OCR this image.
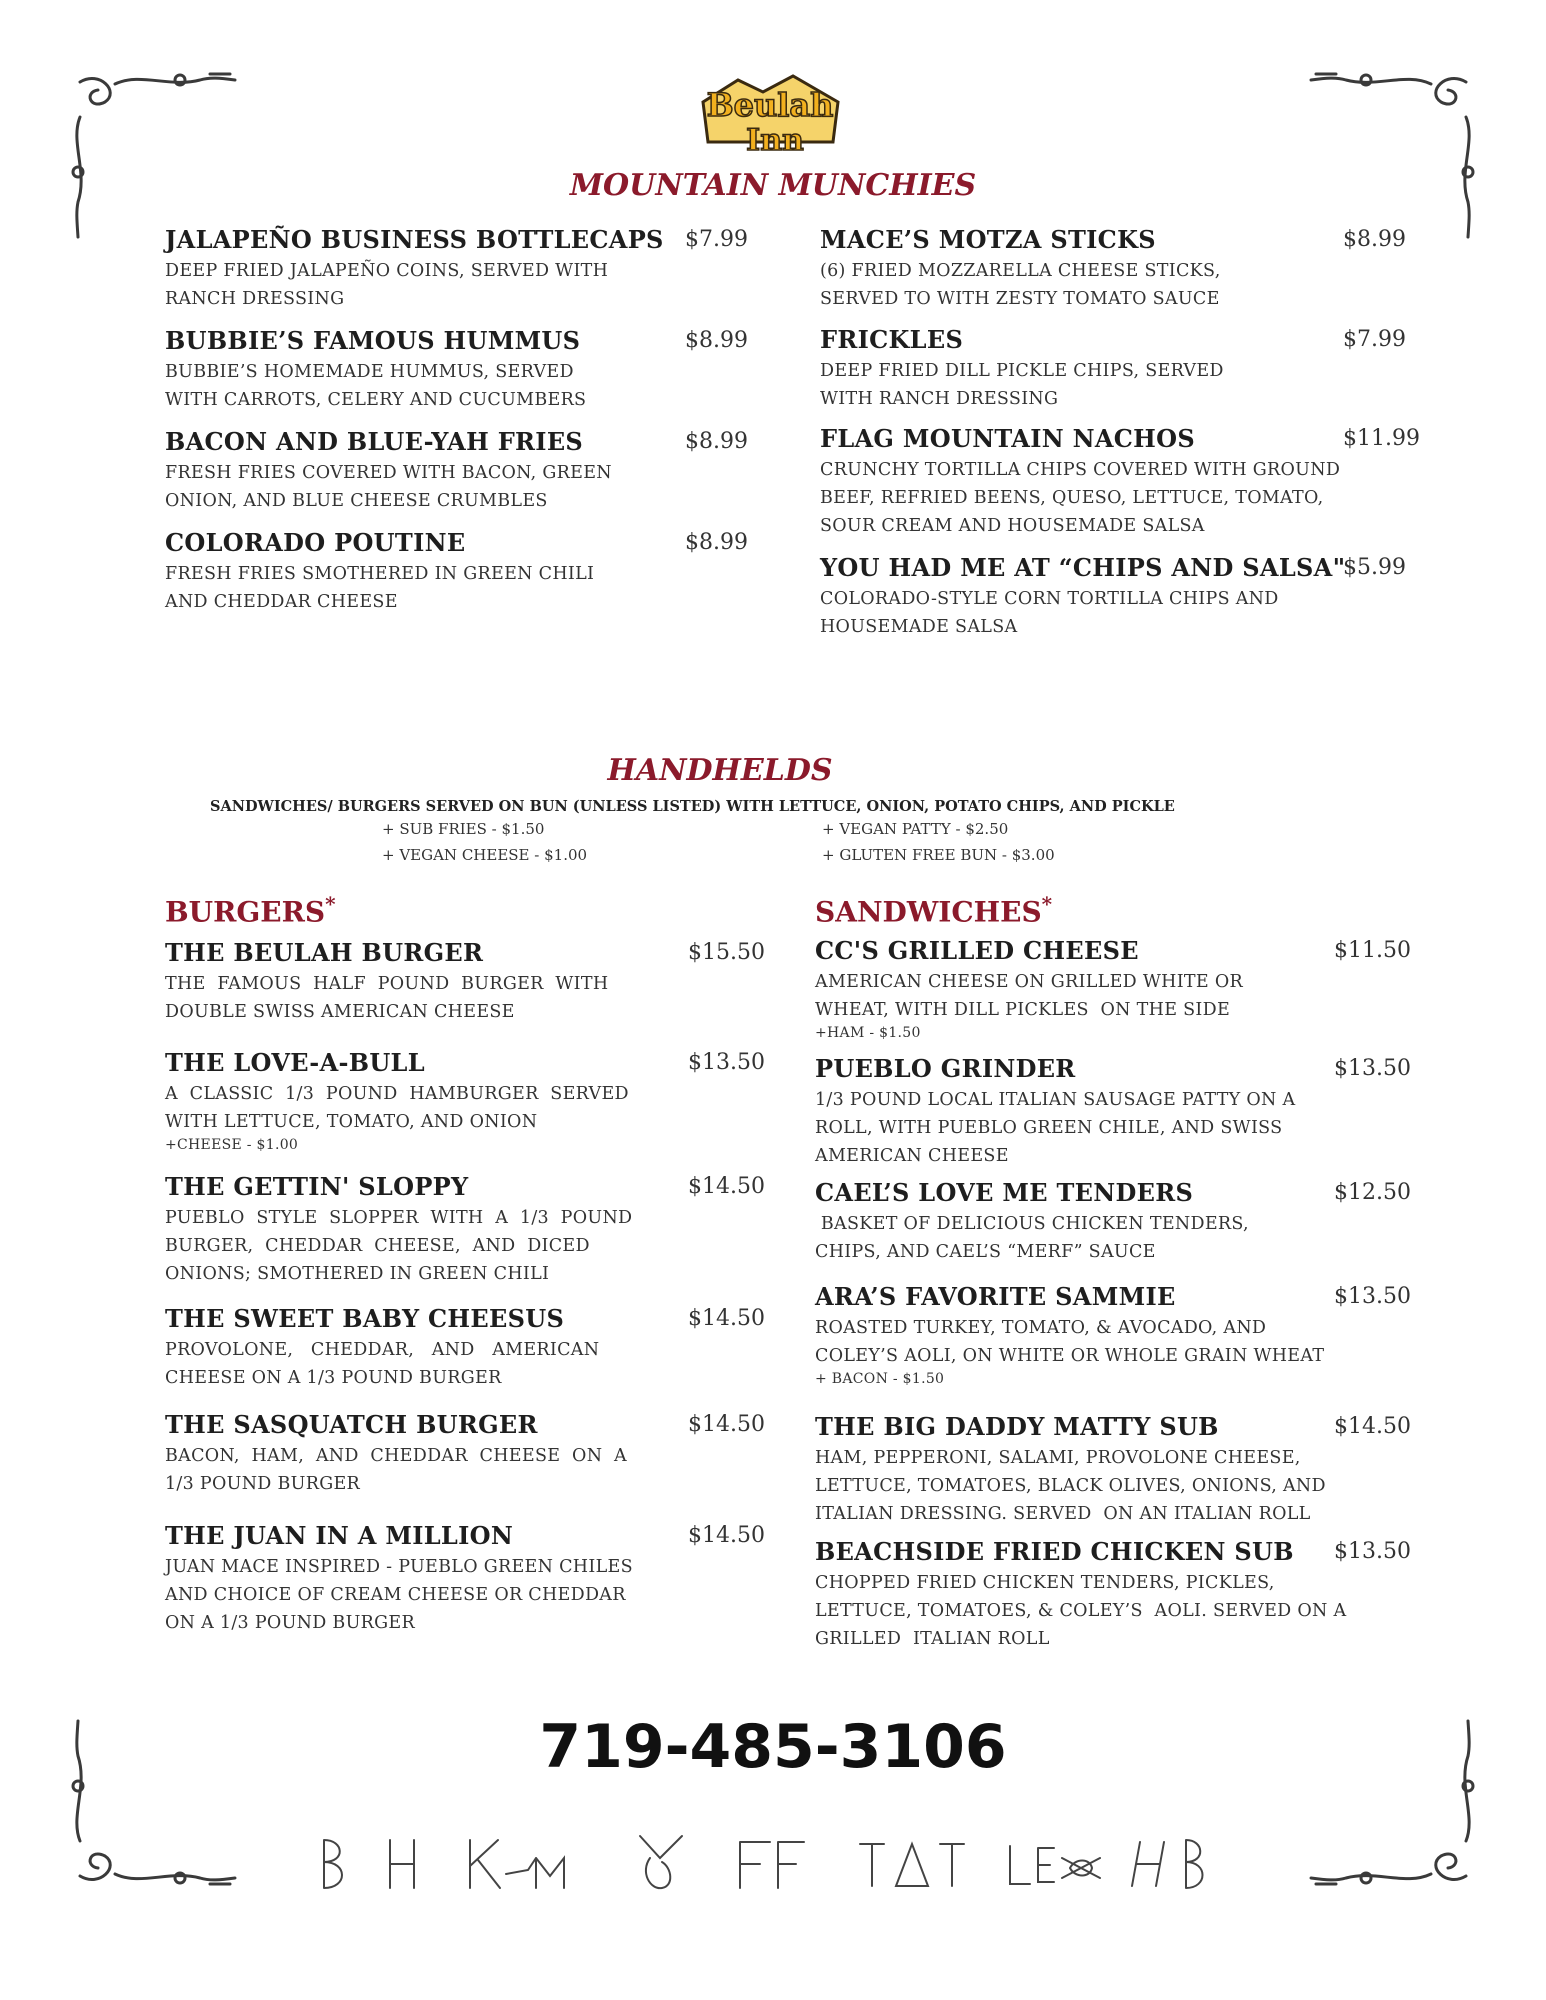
Beulah
Inn
MOUNTAIN MUNCHIES
JALAPEÑO BUSINESS BOTTLECAPS
DEEP FRIED JALAPEÑO COINS, SERVED WITH
RANCH DRESSING
$7.99
BUBBIE’S FAMOUS HUMMUS
BUBBIE’S HOMEMADE HUMMUS, SERVED
WITH CARROTS, CELERY AND CUCUMBERS
$8.99
BACON AND BLUE-YAH FRIES
FRESH FRIES COVERED WITH BACON, GREEN
ONION, AND BLUE CHEESE CRUMBLES
$8.99
COLORADO POUTINE
FRESH FRIES SMOTHERED IN GREEN CHILI
AND CHEDDAR CHEESE
$8.99
MACE’S MOTZA STICKS
(6) FRIED MOZZARELLA CHEESE STICKS,
SERVED TO WITH ZESTY TOMATO SAUCE
$8.99
FRICKLES
DEEP FRIED DILL PICKLE CHIPS, SERVED
WITH RANCH DRESSING
$7.99
FLAG MOUNTAIN NACHOS
CRUNCHY TORTILLA CHIPS COVERED WITH GROUND
BEEF, REFRIED BEENS, QUESO, LETTUCE, TOMATO,
SOUR CREAM AND HOUSEMADE SALSA
$11.99
YOU HAD ME AT “CHIPS AND SALSA"
COLORADO-STYLE CORN TORTILLA CHIPS AND
HOUSEMADE SALSA
$5.99
HANDHELDS
SANDWICHES/ BURGERS SERVED ON BUN (UNLESS LISTED) WITH LETTUCE, ONION, POTATO CHIPS, AND PICKLE
+ SUB FRIES - $1.50
+ VEGAN CHEESE - $1.00
+ VEGAN PATTY - $2.50
+ GLUTEN FREE BUN - $3.00
BURGERS*	SANDWICHES*
THE BEULAH BURGER
THE  FAMOUS  HALF  POUND  BURGER  WITH
DOUBLE SWISS AMERICAN CHEESE
$15.50
THE LOVE-A-BULL
A  CLASSIC  1/3  POUND  HAMBURGER  SERVED
WITH LETTUCE, TOMATO, AND ONION
+CHEESE - $1.00
$13.50
THE GETTIN' SLOPPY
PUEBLO  STYLE  SLOPPER  WITH  A  1/3  POUND
BURGER,  CHEDDAR  CHEESE,  AND  DICED
ONIONS; SMOTHERED IN GREEN CHILI
$14.50
THE SWEET BABY CHEESUS
PROVOLONE,   CHEDDAR,   AND   AMERICAN
CHEESE ON A 1/3 POUND BURGER
$14.50
THE SASQUATCH BURGER
BACON,  HAM,  AND  CHEDDAR  CHEESE  ON  A
1/3 POUND BURGER
$14.50
THE JUAN IN A MILLION
JUAN MACE INSPIRED - PUEBLO GREEN CHILES
AND CHOICE OF CREAM CHEESE OR CHEDDAR
ON A 1/3 POUND BURGER
$14.50
CC'S GRILLED CHEESE
AMERICAN CHEESE ON GRILLED WHITE OR
WHEAT, WITH DILL PICKLES  ON THE SIDE
+HAM - $1.50
$11.50
PUEBLO GRINDER
1/3 POUND LOCAL ITALIAN SAUSAGE PATTY ON A
ROLL, WITH PUEBLO GREEN CHILE, AND SWISS
AMERICAN CHEESE
$13.50
CAEL’S LOVE ME TENDERS
BASKET OF DELICIOUS CHICKEN TENDERS,
CHIPS, AND CAEL’S “MERF” SAUCE
$12.50
ARA’S FAVORITE SAMMIE
ROASTED TURKEY, TOMATO, & AVOCADO, AND
COLEY’S AOLI, ON WHITE OR WHOLE GRAIN WHEAT
+ BACON - $1.50
$13.50
THE BIG DADDY MATTY SUB
HAM, PEPPERONI, SALAMI, PROVOLONE CHEESE,
LETTUCE, TOMATOES, BLACK OLIVES, ONIONS, AND
ITALIAN DRESSING. SERVED  ON AN ITALIAN ROLL
$14.50
BEACHSIDE FRIED CHICKEN SUB
CHOPPED FRIED CHICKEN TENDERS, PICKLES,
LETTUCE, TOMATOES, & COLEY’S  AOLI. SERVED ON A
GRILLED  ITALIAN ROLL
$13.50
719-485-3106
